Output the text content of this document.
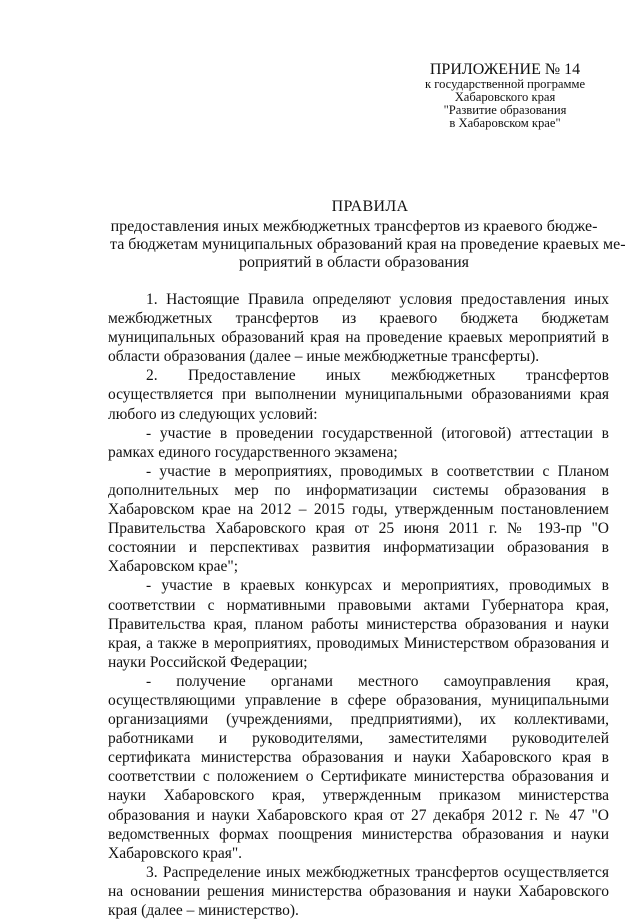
ПРИЛОЖЕНИЕ № 14
к государственной программе
Хабаровского края
"Развитие образования
в Хабаровском крае"
ПРАВИЛА
предоставления иных межбюджетных трансфертов из краевого бюдже-
та бюджетам муниципальных образований края на проведение краевых ме-
роприятий в области образования

1. Настоящие Правила определяют условия предоставления иных межбюджетных трансфертов из краевого бюджета бюджетам муниципальных образований края на проведение краевых мероприятий в области образования (далее – иные межбюджетные трансферты).

2. Предоставление иных межбюджетных трансфертов осуществляется при выполнении муниципальными образованиями края любого из следующих условий:

- участие в проведении государственной (итоговой) аттестации в рамках единого государственного экзамена;

- участие в мероприятиях, проводимых в соответствии с Планом дополнительных мер по информатизации системы образования в Хабаровском крае на 2012 – 2015 годы, утвержденным постановлением Правительства Хабаровского края от 25 июня 2011 г. № 193-пр "О состоянии и перспективах развития информатизации образования в Хабаровском крае";

- участие в краевых конкурсах и мероприятиях, проводимых в соответствии с нормативными правовыми актами Губернатора края, Правительства края, планом работы министерства образования и науки края, а также в мероприятиях, проводимых Министерством образования и науки Российской Федерации;

- получение органами местного самоуправления края, осуществляющими управление в сфере образования, муниципальными организациями (учреждениями, предприятиями), их коллективами, работниками и руководителями, заместителями руководителей сертификата министерства образования и науки Хабаровского края в соответствии с положением о Сертификате министерства образования и науки Хабаровского края, утвержденным приказом министерства образования и науки Хабаровского края от 27 декабря 2012 г. № 47 "О ведомственных формах поощрения министерства образования и науки Хабаровского края".

3. Распределение иных межбюджетных трансфертов осуществляется на основании решения министерства образования и науки Хабаровского края (далее – министерство).
